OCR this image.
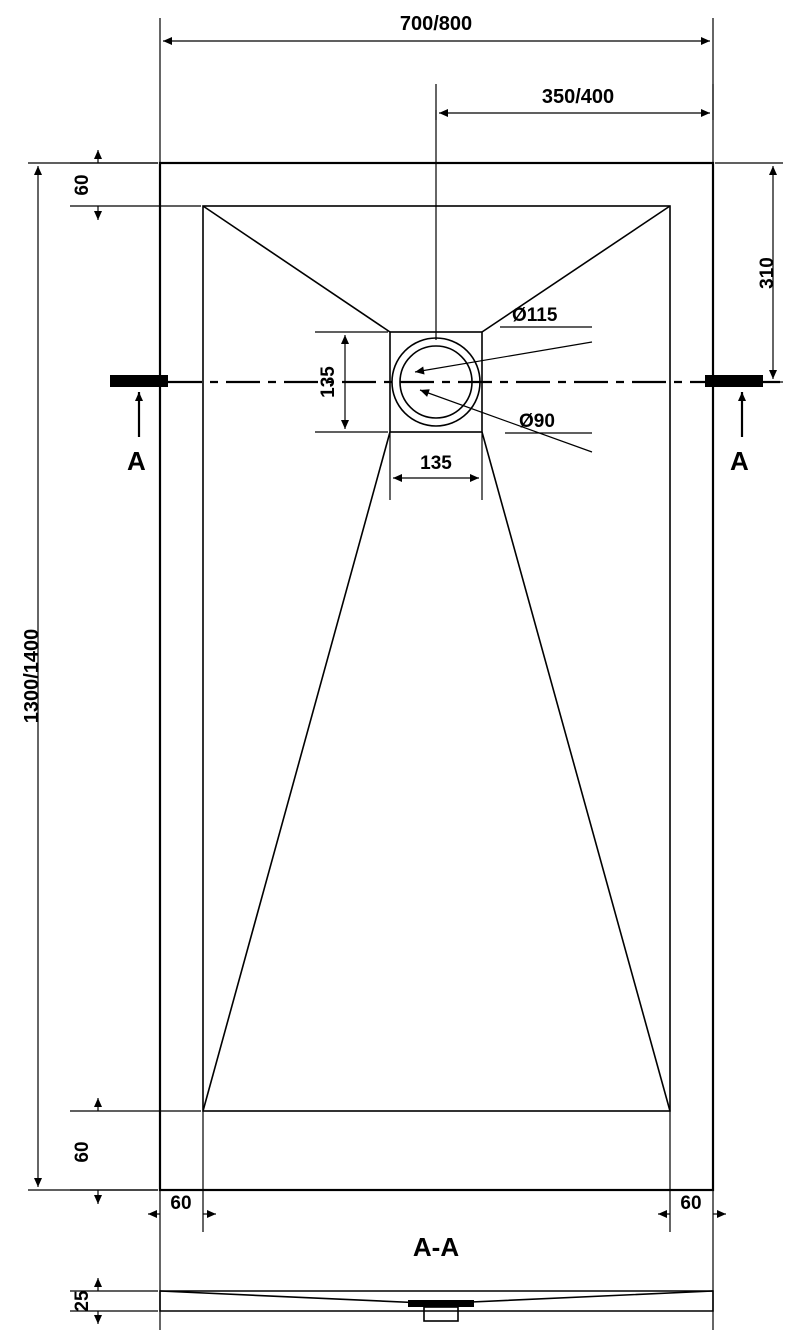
A	A
700/800
350/400
1300/1400
310
60
60
60	60
135
135
Ø115
Ø90
A-A
25
